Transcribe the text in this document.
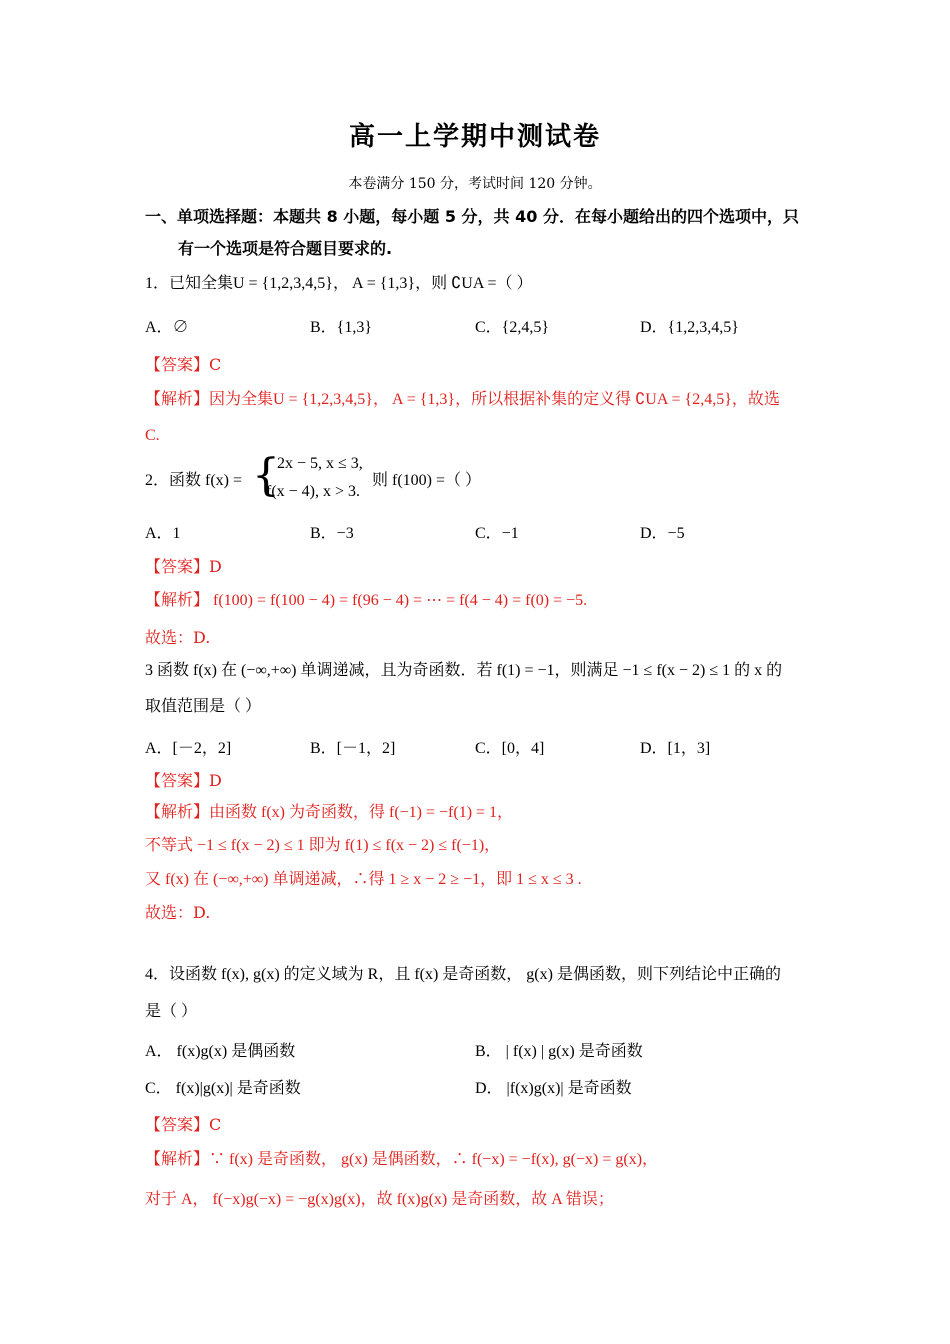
高一上学期中测试卷
本卷满分 150 分，考试时间 120 分钟。
一、单项选择题：本题共 8 小题，每小题 5 分，共 40 分．在每小题给出的四个选项中，只
有一个选项是符合题目要求的.
1．已知全集U = {1,2,3,4,5}， A = {1,3}，则 ∁UA =（ ）
A．∅	B．{1,3}	C．{2,4,5}	D．{1,2,3,4,5}
【答案】C
【解析】因为全集U = {1,2,3,4,5}， A = {1,3}，所以根据补集的定义得 ∁UA = {2,4,5}，故选
C.
2．函数 f(x) = {
2x − 5, x ≤ 3,
f(x − 4), x > 3.
则 f(100) =（ ）
A．1	B．−3	C．−1	D．−5
【答案】D
【解析】 f(100) = f(100 − 4) = f(96 − 4) = ⋯ = f(4 − 4) = f(0) = −5.
故选：D.
3 函数 f(x) 在 (−∞,+∞) 单调递减，且为奇函数．若 f(1) = −1，则满足 −1 ≤ f(x − 2) ≤ 1 的 x 的
取值范围是（ ）
A．[－2，2]	B．[－1，2]	C．[0，4]	D．[1，3]
【答案】D
【解析】由函数 f(x) 为奇函数，得 f(−1) = −f(1) = 1，
不等式 −1 ≤ f(x − 2) ≤ 1 即为 f(1) ≤ f(x − 2) ≤ f(−1)，
又 f(x) 在 (−∞,+∞) 单调递减，∴得 1 ≥ x − 2 ≥ −1，即 1 ≤ x ≤ 3 .
故选：D.
4．设函数 f(x), g(x) 的定义域为 R，且 f(x) 是奇函数， g(x) 是偶函数，则下列结论中正确的
是（ ）
A． f(x)g(x) 是偶函数	B． | f(x) | g(x) 是奇函数
C． f(x)|g(x)| 是奇函数	D． |f(x)g(x)| 是奇函数
【答案】C
【解析】∵ f(x) 是奇函数， g(x) 是偶函数，∴ f(−x) = −f(x), g(−x) = g(x)，
对于 A， f(−x)g(−x) = −g(x)g(x)，故 f(x)g(x) 是奇函数，故 A 错误；
